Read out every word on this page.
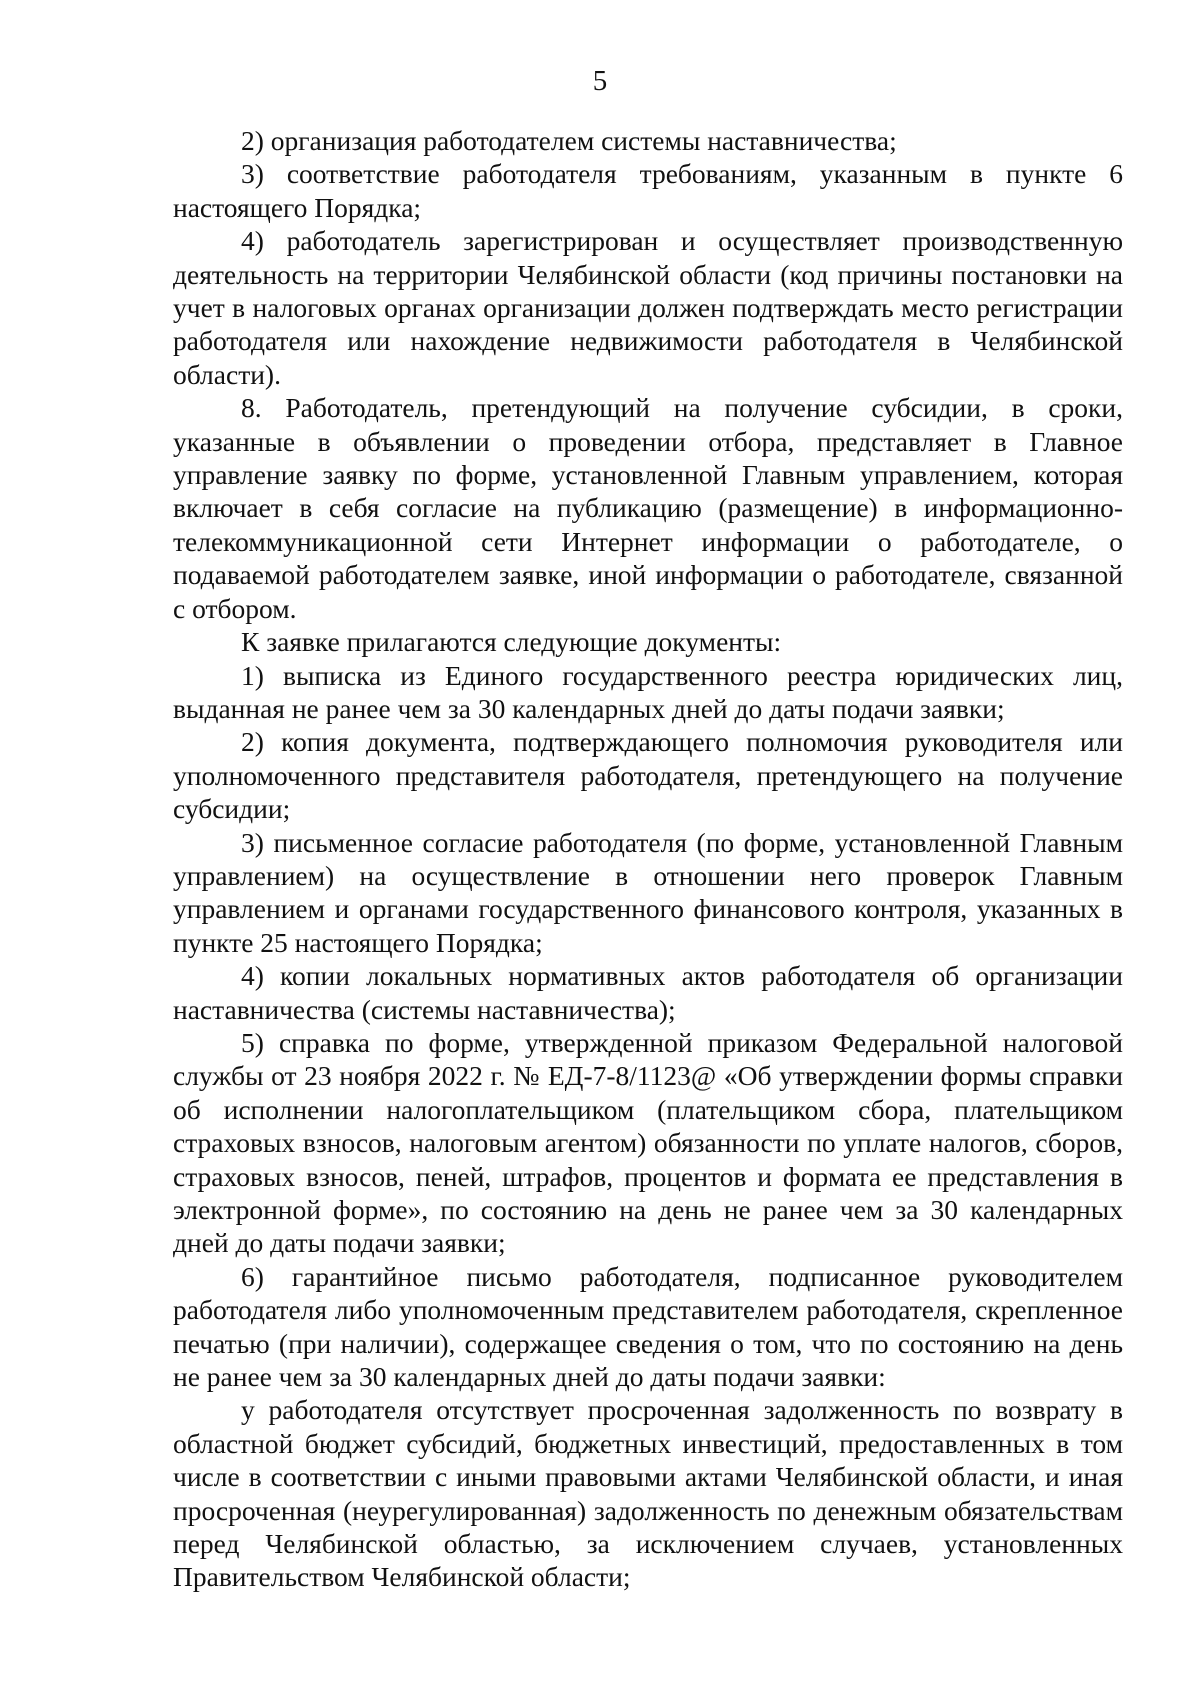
5

2) организация работодателем системы наставничества;

3) соответствие работодателя требованиям, указанным в пункте 6 настоящего Порядка;

4) работодатель зарегистрирован и осуществляет производственную деятельность на территории Челябинской области (код причины постановки на учет в налоговых органах организации должен подтверждать место регистрации работодателя или нахождение недвижимости работодателя в Челябинской области).

8. Работодатель, претендующий на получение субсидии, в сроки, указанные в объявлении о проведении отбора, представляет в Главное управление заявку по форме, установленной Главным управлением, которая включает в себя согласие на публикацию (размещение) в информационно-телекоммуникационной сети Интернет информации о работодателе, о подаваемой работодателем заявке, иной информации о работодателе, связанной с отбором.

К заявке прилагаются следующие документы:

1) выписка из Единого государственного реестра юридических лиц, выданная не ранее чем за 30 календарных дней до даты подачи заявки;

2) копия документа, подтверждающего полномочия руководителя или уполномоченного представителя работодателя, претендующего на получение субсидии;

3) письменное согласие работодателя (по форме, установленной Главным управлением) на осуществление в отношении него проверок Главным управлением и органами государственного финансового контроля, указанных в пункте 25 настоящего Порядка;

4) копии локальных нормативных актов работодателя об организации наставничества (системы наставничества);

5) справка по форме, утвержденной приказом Федеральной налоговой службы от 23 ноября 2022 г. № ЕД-7-8/1123@ «Об утверждении формы справки об исполнении налогоплательщиком (плательщиком сбора, плательщиком страховых взносов, налоговым агентом) обязанности по уплате налогов, сборов, страховых взносов, пеней, штрафов, процентов и формата ее представления в электронной форме», по состоянию на день не ранее чем за 30 календарных дней до даты подачи заявки;

6) гарантийное письмо работодателя, подписанное руководителем работодателя либо уполномоченным представителем работодателя, скрепленное печатью (при наличии), содержащее сведения о том, что по состоянию на день не ранее чем за 30 календарных дней до даты подачи заявки:

у работодателя отсутствует просроченная задолженность по возврату в областной бюджет субсидий, бюджетных инвестиций, предоставленных в том числе в соответствии с иными правовыми актами Челябинской области, и иная просроченная (неурегулированная) задолженность по денежным обязательствам перед Челябинской областью, за исключением случаев, установленных Правительством Челябинской области;
